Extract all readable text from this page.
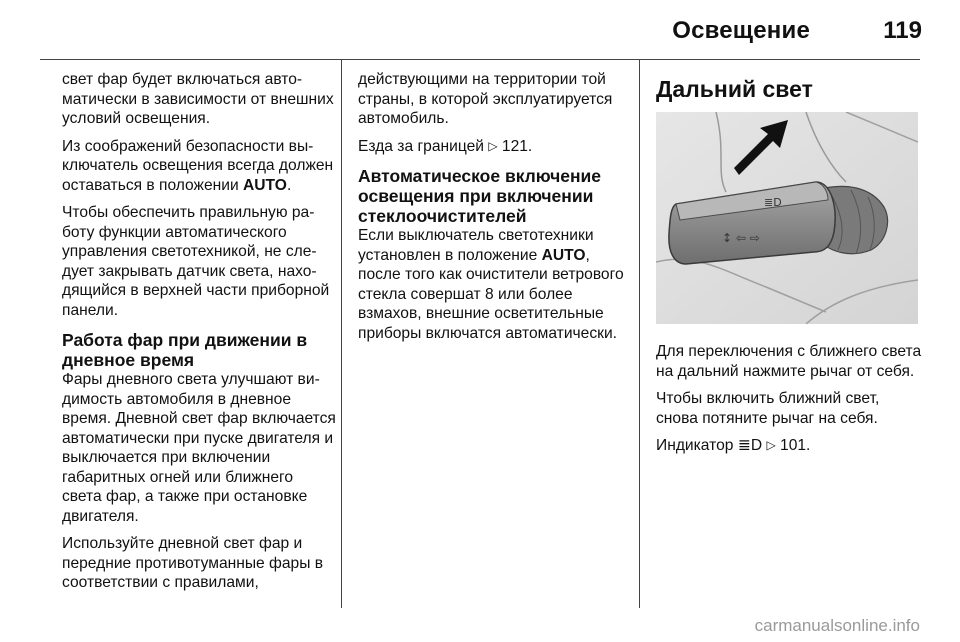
Освещение	119

свет фар будет включаться автоматически в зависимости от внешних условий освещения.

Из соображений безопасности выключатель освещения всегда должен оставаться в положении AUTO.

Чтобы обеспечить правильную работу функции автоматического управления светотехникой, не следует закрывать датчик света, находящийся в верхней части приборной панели.

Работа фар при движении в дневное время

Фары дневного света улучшают видимость автомобиля в дневное время. Дневной свет фар включается автоматически при пуске двигателя и выключается при включении габаритных огней или ближнего света фар, а также при остановке двигателя.

Используйте дневной свет фар и передние противотуманные фары в соответствии с правилами,

действующими на территории той страны, в которой эксплуатируется автомобиль.

Езда за границей ▷ 121.

Автоматическое включение освещения при включении стеклоочистителей

Если выключатель светотехники установлен в положение AUTO, после того как очистители ветрового стекла совершат 8 или более взмахов, внешние осветительные приборы включатся автоматически.

Дальний свет
≣D
↕ ⇦ ⇨

Для переключения с ближнего света на дальний нажмите рычаг от себя.

Чтобы включить ближний свет, снова потяните рычаг на себя.

Индикатор ≣D ▷ 101.

carmanualsonline.info
